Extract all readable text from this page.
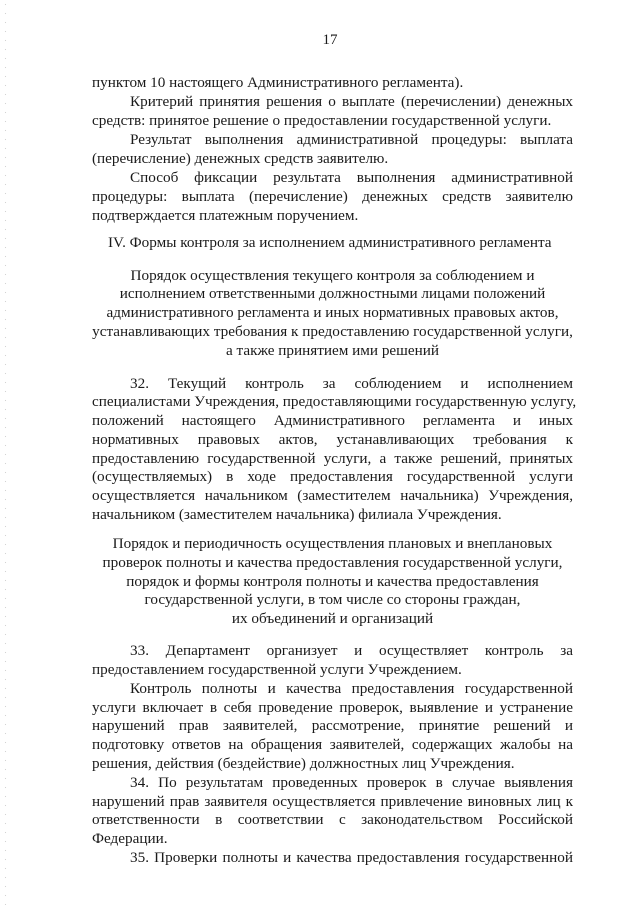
17
пунктом 10 настоящего Административного регламента).
Критерий принятия решения о выплате (перечислении) денежных
средств: принятое решение о предоставлении государственной услуги.
Результат выполнения административной процедуры: выплата
(перечисление) денежных средств заявителю.
Способ фиксации результата выполнения административной
процедуры: выплата (перечисление) денежных средств заявителю
подтверждается платежным поручением.
IV. Формы контроля за исполнением административного регламента
Порядок осуществления текущего контроля за соблюдением и
исполнением ответственными должностными лицами положений
административного регламента и иных нормативных правовых актов,
устанавливающих требования к предоставлению государственной услуги,
а также принятием ими решений
32. Текущий контроль за соблюдением и исполнением
специалистами Учреждения, предоставляющими государственную услугу,
положений настоящего Административного регламента и иных
нормативных правовых актов, устанавливающих требования к
предоставлению государственной услуги, а также решений, принятых
(осуществляемых) в ходе предоставления государственной услуги
осуществляется начальником (заместителем начальника) Учреждения,
начальником (заместителем начальника) филиала Учреждения.
Порядок и периодичность осуществления плановых и внеплановых
проверок полноты и качества предоставления государственной услуги,
порядок и формы контроля полноты и качества предоставления
государственной услуги, в том числе со стороны граждан,
их объединений и организаций
33. Департамент организует и осуществляет контроль за
предоставлением государственной услуги Учреждением.
Контроль полноты и качества предоставления государственной
услуги включает в себя проведение проверок, выявление и устранение
нарушений прав заявителей, рассмотрение, принятие решений и
подготовку ответов на обращения заявителей, содержащих жалобы на
решения, действия (бездействие) должностных лиц Учреждения.
34. По результатам проведенных проверок в случае выявления
нарушений прав заявителя осуществляется привлечение виновных лиц к
ответственности в соответствии с законодательством Российской
Федерации.
35. Проверки полноты и качества предоставления государственной
